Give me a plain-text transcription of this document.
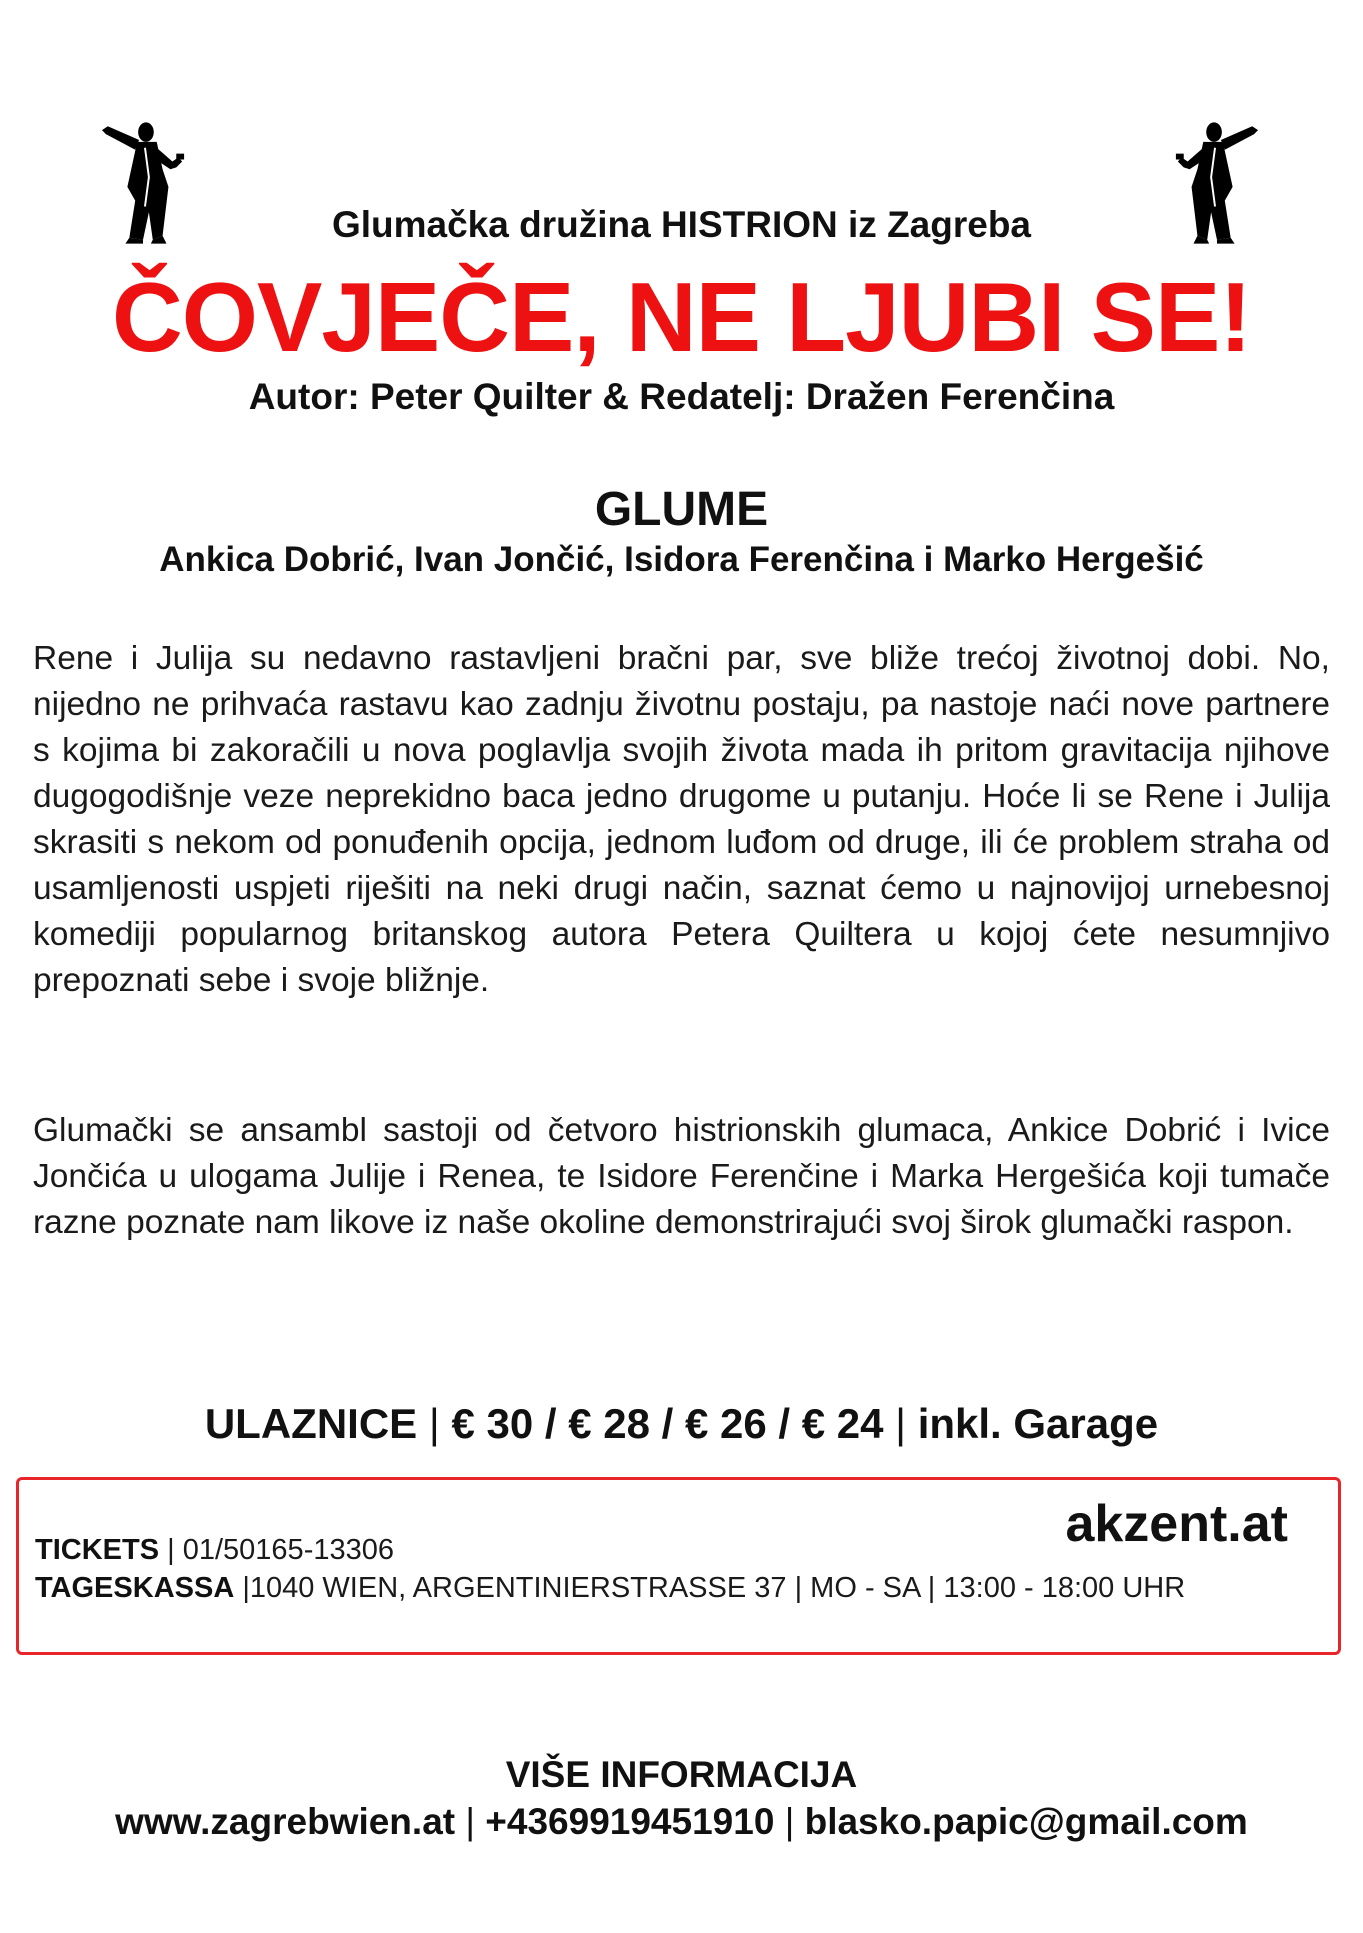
Glumačka družina HISTRION iz Zagreba
ČOVJEČE, NE LJUBI SE!
Autor: Peter Quilter & Redatelj: Dražen Ferenčina
GLUME
Ankica Dobrić, Ivan Jončić, Isidora Ferenčina i Marko Hergešić

Rene i Julija su nedavno rastavljeni bračni par, sve bliže trećoj životnoj dobi. No, nijedno ne prihvaća rastavu kao zadnju životnu postaju, pa nastoje naći nove partnere s kojima bi zakoračili u nova poglavlja svojih života mada ih pritom gravitacija njihove dugogodišnje veze neprekidno baca jedno drugome u putanju. Hoće li se Rene i Julija skrasiti s nekom od ponuđenih opcija, jednom luđom od druge, ili će problem straha od usamljenosti uspjeti riješiti na neki drugi način, saznat ćemo u najnovijoj urnebesnoj komediji popularnog britanskog autora Petera Quiltera u kojoj ćete nesumnjivo prepoznati sebe i svoje bližnje.

Glumački se ansambl sastoji od četvoro histrionskih glumaca, Ankice Dobrić i Ivice Jončića u ulogama Julije i Renea, te Isidore Ferenčine i Marka Hergešića koji tumače razne poznate nam likove iz naše okoline demonstrirajući svoj širok glumački raspon.

ULAZNICE | € 30 / € 28 / € 26 / € 24 | inkl. Garage
akzent.at
TICKETS | 01/50165-13306
TAGESKASSA |1040 WIEN, ARGENTINIERSTRASSE 37 | MO - SA | 13:00 - 18:00 UHR
VIŠE INFORMACIJA
www.zagrebwien.at | +4369919451910 | blasko.papic@gmail.com
